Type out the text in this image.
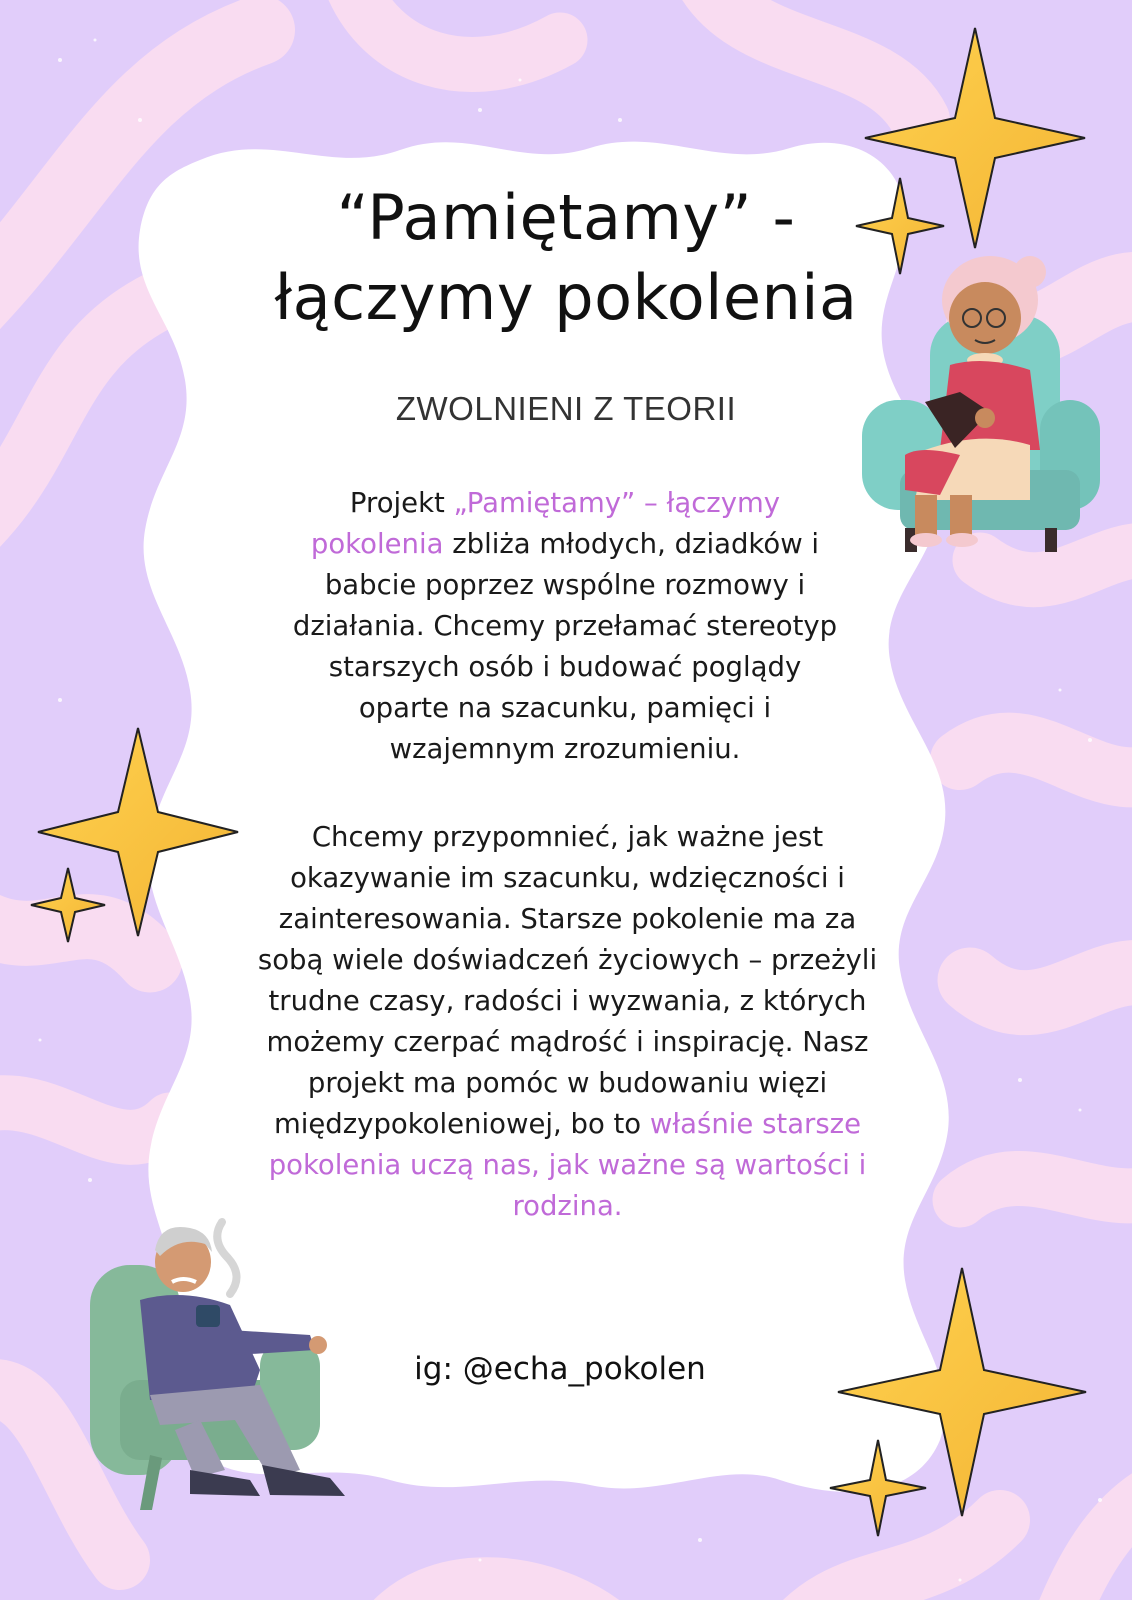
“Pamiętamy” -
łączymy pokolenia

ZWOLNIENI Z TEORII

Projekt „Pamiętamy” – łączymy
pokolenia zbliża młodych, dziadków i
babcie poprzez wspólne rozmowy i
działania. Chcemy przełamać stereotyp
starszych osób i budować poglądy
oparte na szacunku, pamięci i
wzajemnym zrozumieniu.

Chcemy przypomnieć, jak ważne jest
okazywanie im szacunku, wdzięczności i
zainteresowania. Starsze pokolenie ma za
sobą wiele doświadczeń życiowych – przeżyli
trudne czasy, radości i wyzwania, z których
możemy czerpać mądrość i inspirację. Nasz
projekt ma pomóc w budowaniu więzi
międzypokoleniowej, bo to właśnie starsze
pokolenia uczą nas, jak ważne są wartości i
rodzina.

ig: @echa_pokolen
